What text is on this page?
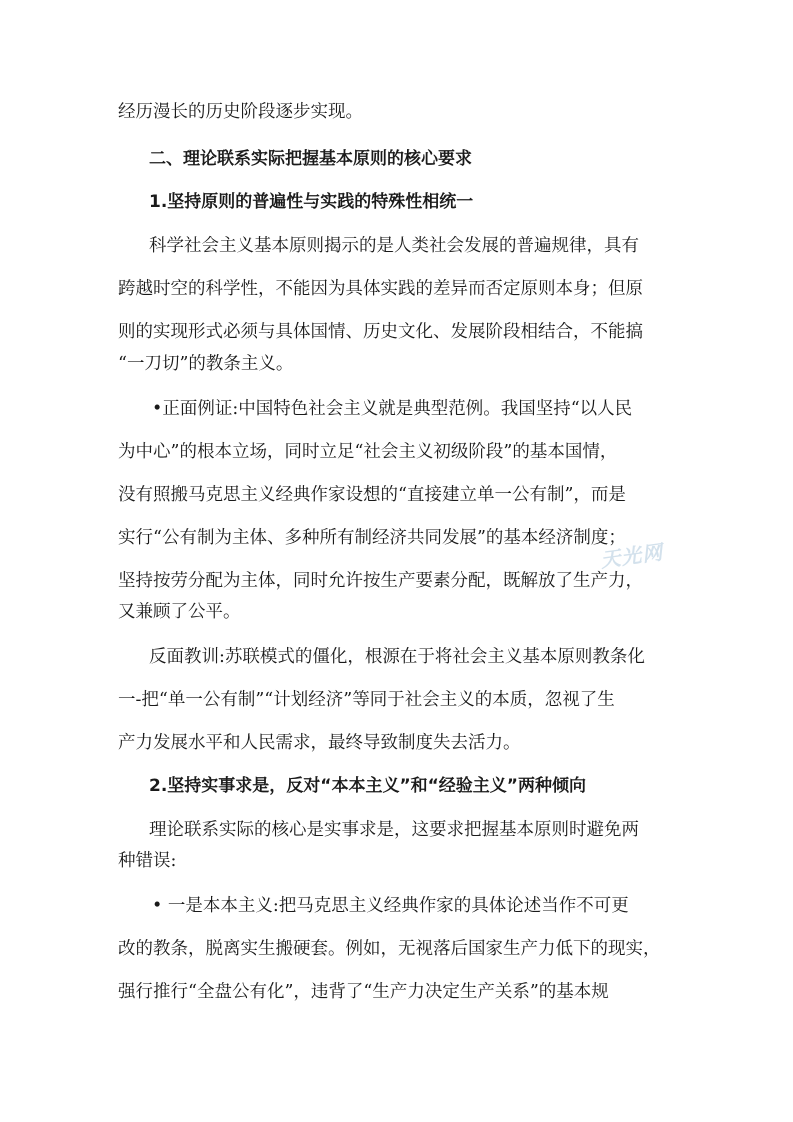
经历漫长的历史阶段逐步实现。

二、理论联系实际把握基本原则的核心要求

1.坚持原则的普遍性与实践的特殊性相统一

科学社会主义基本原则揭示的是人类社会发展的普遍规律，具有

跨越时空的科学性，不能因为具体实践的差异而否定原则本身；但原

则的实现形式必须与具体国情、历史文化、发展阶段相结合，不能搞

“一刀切”的教条主义。

•正面例证:中国特色社会主义就是典型范例。我国坚持“以人民

为中心”的根本立场，同时立足“社会主义初级阶段”的基本国情，

没有照搬马克思主义经典作家设想的“直接建立单一公有制”，而是

实行“公有制为主体、多种所有制经济共同发展”的基本经济制度；

坚持按劳分配为主体，同时允许按生产要素分配，既解放了生产力，

又兼顾了公平。

反面教训:苏联模式的僵化，根源在于将社会主义基本原则教条化

一-把“单一公有制”“计划经济”等同于社会主义的本质，忽视了生

产力发展水平和人民需求，最终导致制度失去活力。

2.坚持实事求是，反对“本本主义”和“经验主义”两种倾向

理论联系实际的核心是实事求是，这要求把握基本原则时避免两

种错误:

• 一是本本主义:把马克思主义经典作家的具体论述当作不可更

改的教条，脱离实生搬硬套。例如，无视落后国家生产力低下的现实，

强行推行“全盘公有化”，违背了“生产力决定生产关系”的基本规

天光网
